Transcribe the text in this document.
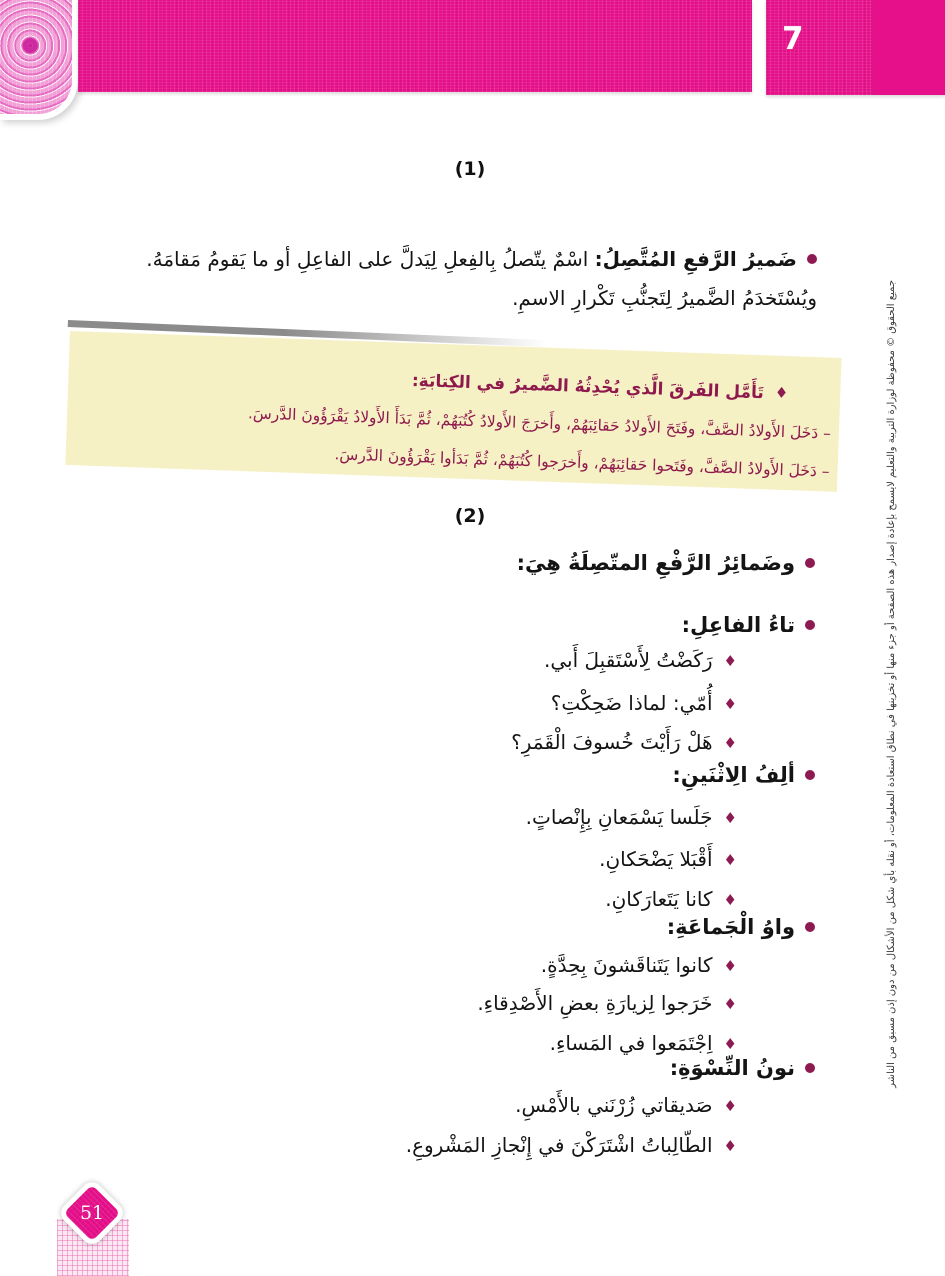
7
(1)
ضَميرُ الرَّفعِ المُتَّصِلُ: اسْمٌ يتّصلُ بِالفِعلِ لِيَدلَّ على الفاعِلِ أو ما يَقومُ مَقامَهُ. ويُسْتَخدَمُ الضَّميرُ لِتَجنُّبِ تَكْرارِ الاسمِ.
♦تَأَمَّل الفَرقَ الَّذي يُحْدِثُهُ الضَّميرُ في الكِتابَةِ:
– دَخَلَ الأَولادُ الصَّفَّ، وفَتَحَ الأَولادُ حَقائِبَهُمْ، وأَخرَجَ الأَولادُ كُتُبَهُمْ، ثُمَّ بَدَأَ الأَولادُ يَقْرَؤُونَ الدَّرسَ.
– دَخَلَ الأَولادُ الصَّفَّ، وفَتَحوا حَقائِبَهُمْ، وأَخرَجوا كُتُبَهُمْ، ثُمَّ بَدَأوا يَقْرَؤُونَ الدَّرسَ.
(2)
وضَمائِرُ الرَّفْعِ المتّصِلَةُ هِيَ:
تاءُ الفاعِلِ:
♦رَكَضْتُ لِأَسْتَقبِلَ أَبي.
♦أُمّي: لماذا ضَحِكْتِ؟
♦هَلْ رَأَيْتَ خُسوفَ الْقَمَرِ؟
ألِفُ الِاثْنَينِ:
♦جَلَسا يَسْمَعانِ بِإِنْصاتٍ.
♦أَقْبَلا يَضْحَكانِ.
♦كانا يَتَعارَكانِ.
واوُ الْجَماعَةِ:
♦كانوا يَتَناقَشونَ بِحِدَّةٍ.
♦خَرَجوا لِزيارَةِ بعضِ الأَصْدِقاءِ.
♦اِجْتَمَعوا في المَساءِ.
نونُ النِّسْوَةِ:
♦صَديقاتي زُرْنَني بالأَمْسِ.
♦الطّالِباتُ اشْتَرَكْنَ في إِنْجازِ المَشْروعِ.
جميع الحقوق © محفوظة لوزارة التربية والتعليم لايسمح بإعادة إصدار هذه الصفحة أو جزء منها أو تخزينها في نطاق استعادة المعلومات، أو نقله بأي شكل من الأشكال من دون إذن مسبق من الناشر
51
